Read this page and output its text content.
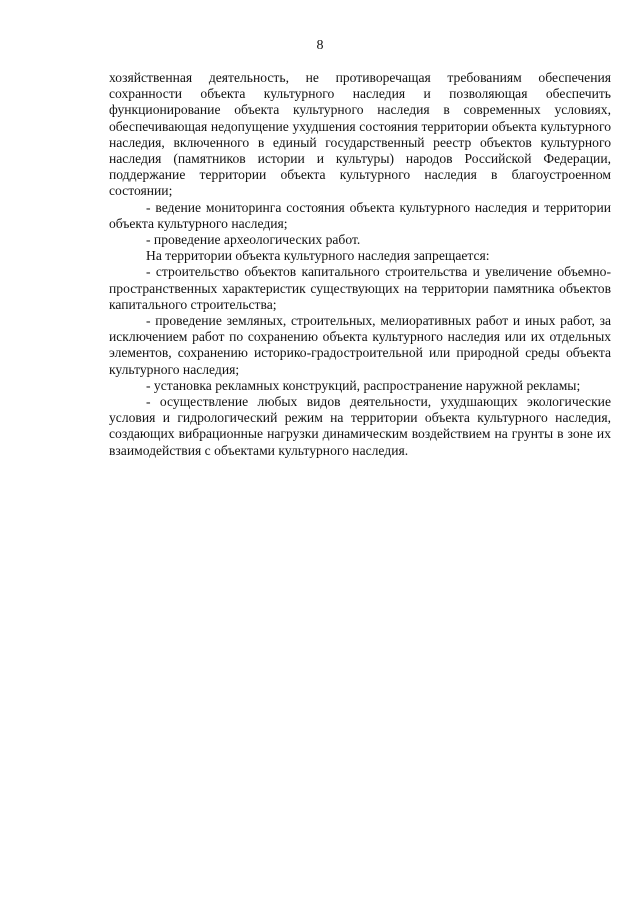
8

хозяйственная деятельность, не противоречащая требованиям обеспечения сохранности объекта культурного наследия и позволяющая обеспечить функционирование объекта культурного наследия в современных условиях, обеспечивающая недопущение ухудшения состояния территории объекта культурного наследия, включенного в единый государственный реестр объектов культурного наследия (памятников истории и культуры) народов Российской Федерации, поддержание территории объекта культурного наследия в благоустроенном состоянии;

- ведение мониторинга состояния объекта культурного наследия и территории объекта культурного наследия;

- проведение археологических работ.

На территории объекта культурного наследия запрещается:

- строительство объектов капитального строительства и увеличение объемно-пространственных характеристик существующих на территории памятника объектов капитального строительства;

- проведение земляных, строительных, мелиоративных работ и иных работ, за исключением работ по сохранению объекта культурного наследия или их отдельных элементов, сохранению историко-градостроительной или природной среды объекта культурного наследия;

- установка рекламных конструкций, распространение наружной рекламы;

- осуществление любых видов деятельности, ухудшающих экологические условия и гидрологический режим на территории объекта культурного наследия, создающих вибрационные нагрузки динамическим воздействием на грунты в зоне их взаимодействия с объектами культурного наследия.
